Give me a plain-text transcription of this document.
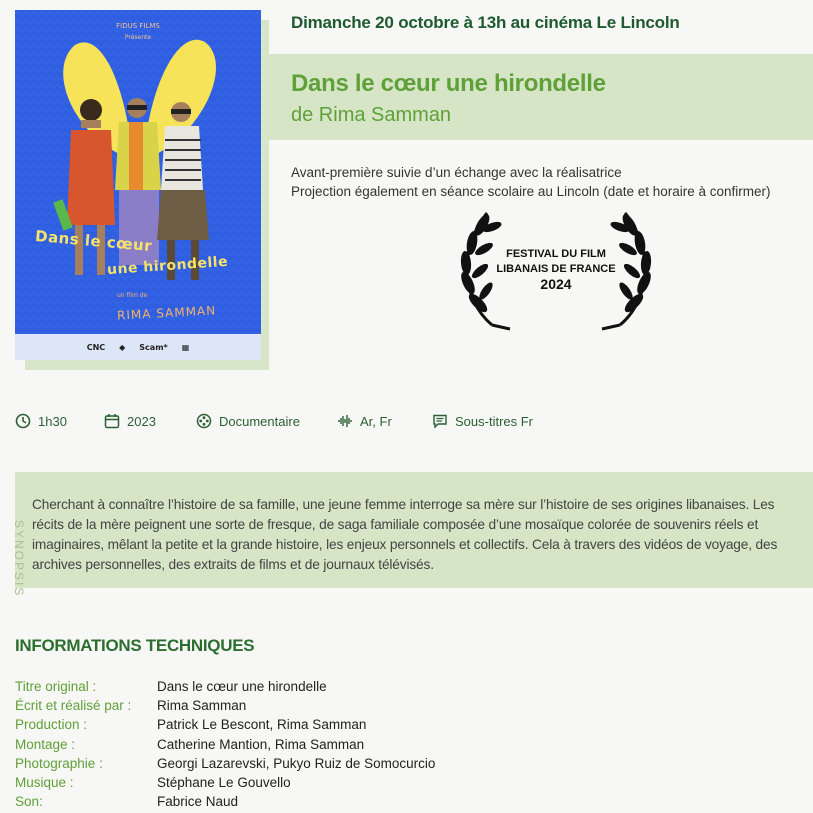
FIDUS FILMS
Présente
Dans le cœur
une hirondelle
un film de
RIMA SAMMAN
CNC ◆ Scam* ▦
Dimanche 20 octobre à 13h au cinéma Le Lincoln
Dans le cœur une hirondelle
de Rima Samman
Avant-première suivie d’un échange avec la réalisatrice
Projection également en séance scolaire au Lincoln (date et horaire à confirmer)
FESTIVAL DU FILM
LIBANAIS DE FRANCE
2024
1h30	2023	Documentaire	Ar, Fr	Sous-titres Fr
SYNOPSIS
Cherchant à connaître l’histoire de sa famille, une jeune femme interroge sa mère sur l’histoire de ses origines libanaises. Les récits de la mère peignent une sorte de fresque, de saga familiale composée d’une mosaïque colorée de souvenirs réels et imaginaires, mêlant la petite et la grande histoire, les enjeux personnels et collectifs. Cela à travers des vidéos de voyage, des archives personnelles, des extraits de films et de journaux télévisés.
INFORMATIONS TECHNIQUES
Titre original :	Dans le cœur une hirondelle
Écrit et réalisé par :	Rima Samman
Production :	Patrick Le Bescont, Rima Samman
Montage :	Catherine Mantion, Rima Samman
Photographie :	Georgi Lazarevski, Pukyo Ruiz de Somocurcio
Musique :	Stéphane Le Gouvello
Son:	Fabrice Naud
